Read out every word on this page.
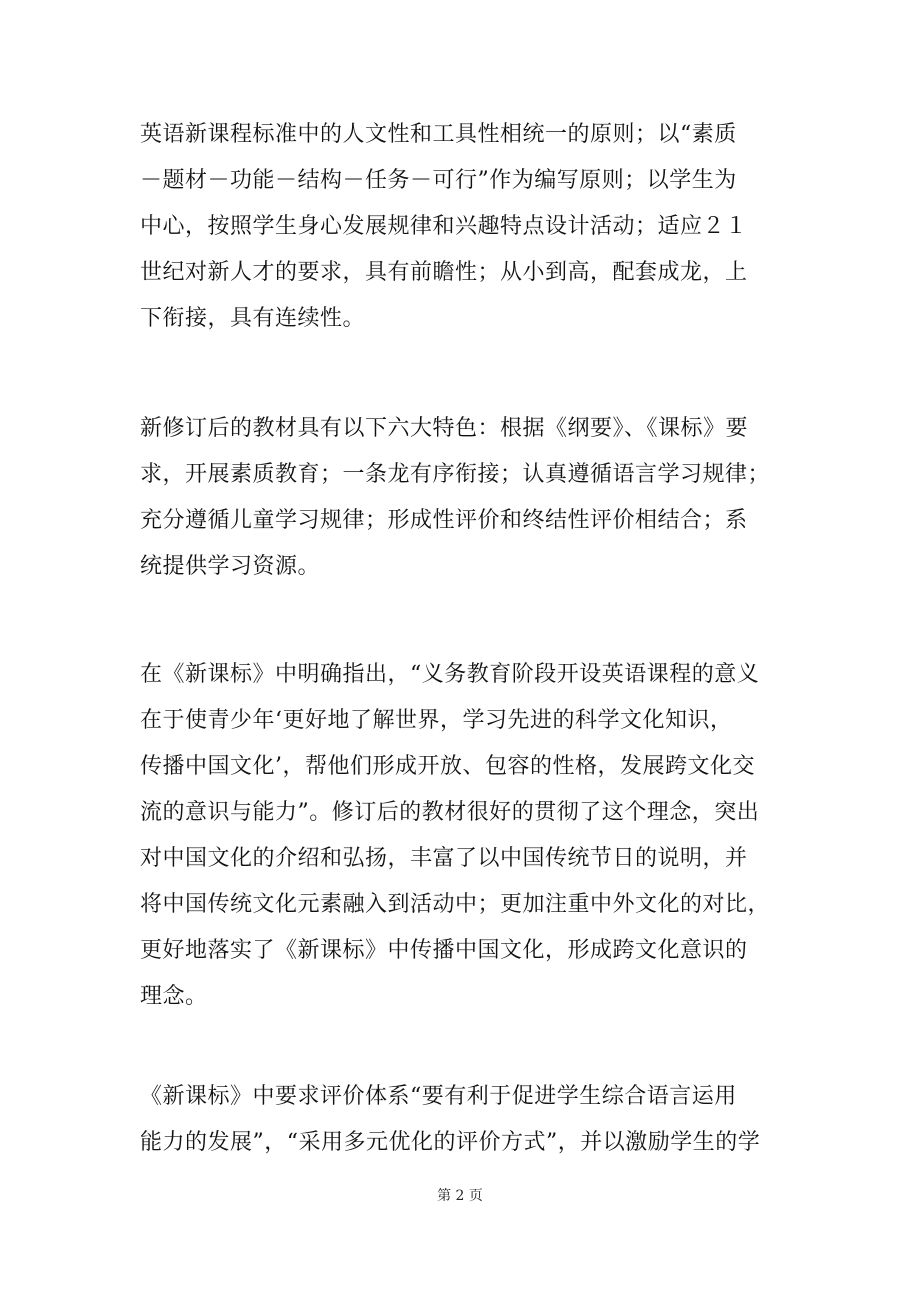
英语新课程标准中的人文性和工具性相统一的原则；以“素质
－题材－功能－结构－任务－可行”作为编写原则；以学生为
中心，按照学生身心发展规律和兴趣特点设计活动；适应２１
世纪对新人才的要求，具有前瞻性；从小到高，配套成龙，上
下衔接，具有连续性。
新修订后的教材具有以下六大特色：根据《纲要》、《课标》要
求，开展素质教育；一条龙有序衔接；认真遵循语言学习规律；
充分遵循儿童学习规律；形成性评价和终结性评价相结合；系
统提供学习资源。
在《新课标》中明确指出，“义务教育阶段开设英语课程的意义
在于使青少年‘更好地了解世界，学习先进的科学文化知识，
传播中国文化’，帮他们形成开放、包容的性格，发展跨文化交
流的意识与能力”。修订后的教材很好的贯彻了这个理念，突出
对中国文化的介绍和弘扬，丰富了以中国传统节日的说明，并
将中国传统文化元素融入到活动中；更加注重中外文化的对比，
更好地落实了《新课标》中传播中国文化，形成跨文化意识的
理念。
《新课标》中要求评价体系“要有利于促进学生综合语言运用
能力的发展”，“采用多元优化的评价方式”，并以激励学生的学
第 2 页
